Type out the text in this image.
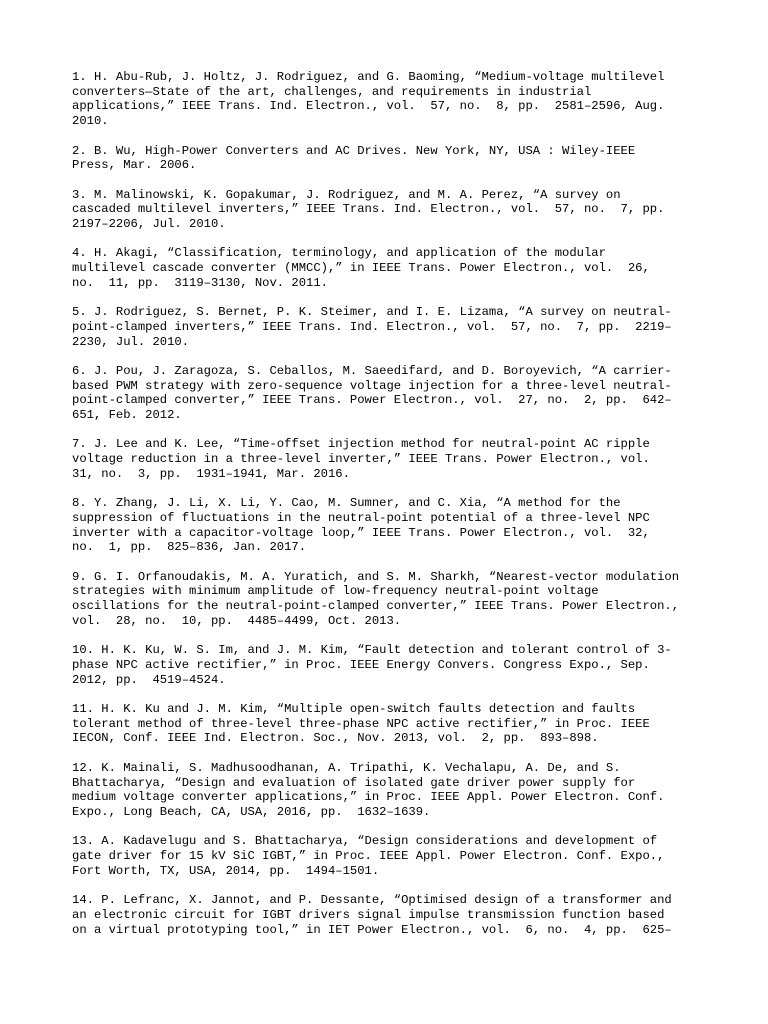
1. H. Abu-Rub, J. Holtz, J. Rodriguez, and G. Baoming, “Medium-voltage multilevel
converters—State of the art, challenges, and requirements in industrial
applications,” IEEE Trans. Ind. Electron., vol.  57, no.  8, pp.  2581–2596, Aug.
2010.

2. B. Wu, High-Power Converters and AC Drives. New York, NY, USA : Wiley-IEEE
Press, Mar. 2006.

3. M. Malinowski, K. Gopakumar, J. Rodriguez, and M. A. Perez, “A survey on
cascaded multilevel inverters,” IEEE Trans. Ind. Electron., vol.  57, no.  7, pp.
2197–2206, Jul. 2010.

4. H. Akagi, “Classification, terminology, and application of the modular
multilevel cascade converter (MMCC),” in IEEE Trans. Power Electron., vol.  26,
no.  11, pp.  3119–3130, Nov. 2011.

5. J. Rodriguez, S. Bernet, P. K. Steimer, and I. E. Lizama, “A survey on neutral-
point-clamped inverters,” IEEE Trans. Ind. Electron., vol.  57, no.  7, pp.  2219–
2230, Jul. 2010.

6. J. Pou, J. Zaragoza, S. Ceballos, M. Saeedifard, and D. Boroyevich, “A carrier-
based PWM strategy with zero-sequence voltage injection for a three-level neutral-
point-clamped converter,” IEEE Trans. Power Electron., vol.  27, no.  2, pp.  642–
651, Feb. 2012.

7. J. Lee and K. Lee, “Time-offset injection method for neutral-point AC ripple
voltage reduction in a three-level inverter,” IEEE Trans. Power Electron., vol.
31, no.  3, pp.  1931–1941, Mar. 2016.

8. Y. Zhang, J. Li, X. Li, Y. Cao, M. Sumner, and C. Xia, “A method for the
suppression of fluctuations in the neutral-point potential of a three-level NPC
inverter with a capacitor-voltage loop,” IEEE Trans. Power Electron., vol.  32,
no.  1, pp.  825–836, Jan. 2017.

9. G. I. Orfanoudakis, M. A. Yuratich, and S. M. Sharkh, “Nearest-vector modulation
strategies with minimum amplitude of low-frequency neutral-point voltage
oscillations for the neutral-point-clamped converter,” IEEE Trans. Power Electron.,
vol.  28, no.  10, pp.  4485–4499, Oct. 2013.

10. H. K. Ku, W. S. Im, and J. M. Kim, “Fault detection and tolerant control of 3-
phase NPC active rectifier,” in Proc. IEEE Energy Convers. Congress Expo., Sep.
2012, pp.  4519–4524.

11. H. K. Ku and J. M. Kim, “Multiple open-switch faults detection and faults
tolerant method of three-level three-phase NPC active rectifier,” in Proc. IEEE
IECON, Conf. IEEE Ind. Electron. Soc., Nov. 2013, vol.  2, pp.  893–898.

12. K. Mainali, S. Madhusoodhanan, A. Tripathi, K. Vechalapu, A. De, and S.
Bhattacharya, “Design and evaluation of isolated gate driver power supply for
medium voltage converter applications,” in Proc. IEEE Appl. Power Electron. Conf.
Expo., Long Beach, CA, USA, 2016, pp.  1632–1639.

13. A. Kadavelugu and S. Bhattacharya, “Design considerations and development of
gate driver for 15 kV SiC IGBT,” in Proc. IEEE Appl. Power Electron. Conf. Expo.,
Fort Worth, TX, USA, 2014, pp.  1494–1501.

14. P. Lefranc, X. Jannot, and P. Dessante, “Optimised design of a transformer and
an electronic circuit for IGBT drivers signal impulse transmission function based
on a virtual prototyping tool,” in IET Power Electron., vol.  6, no.  4, pp.  625–
